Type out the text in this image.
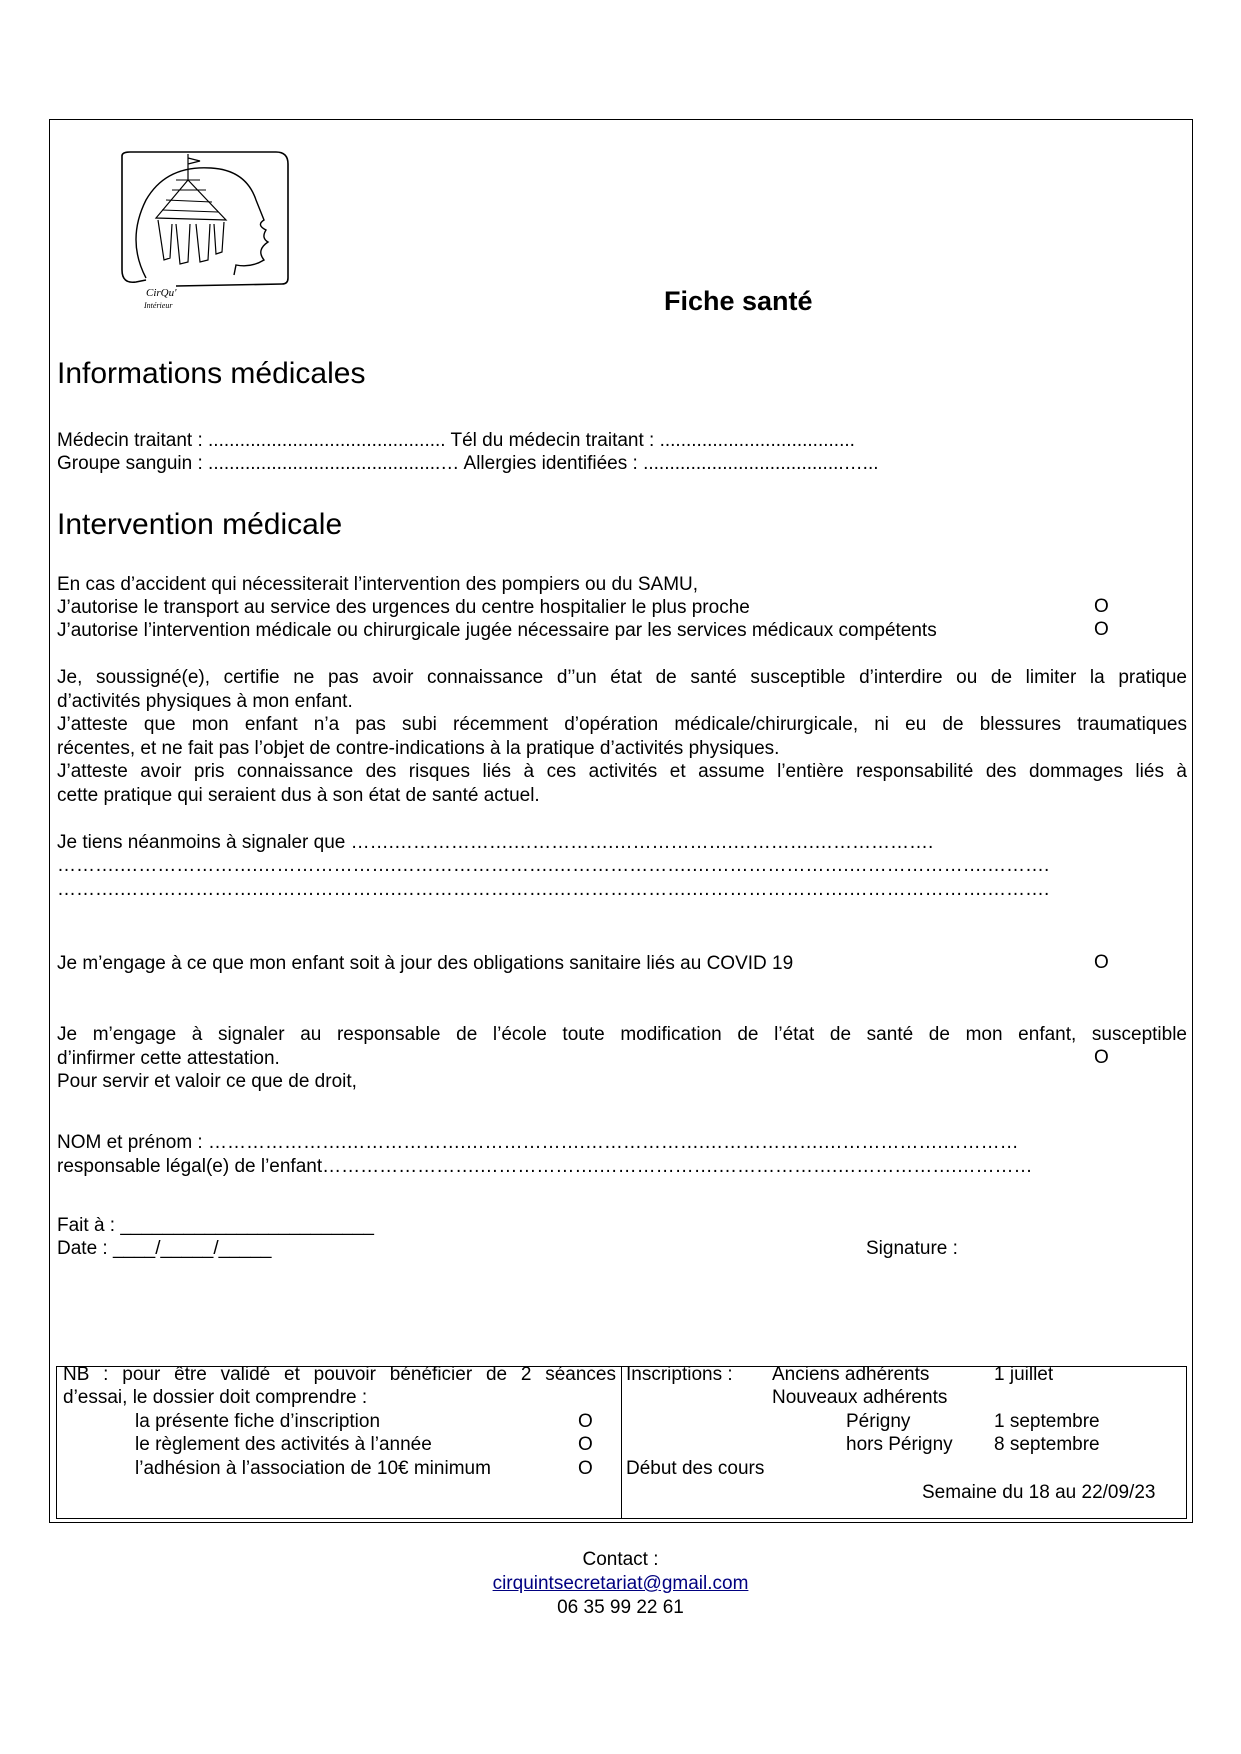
CirQu'
Intérieur	Fiche santé
Informations médicales
Médecin traitant : ............................................. Tél du médecin traitant : .....................................
Groupe sanguin : ............................................… Allergies identifiées : ......................................…...
Intervention médicale
En cas d’accident qui nécessiterait l’intervention des pompiers ou du SAMU,
J’autorise le transport au service des urgences du centre hospitalier le plus proche	O
J’autorise l’intervention médicale ou chirurgicale jugée nécessaire par les services médicaux compétents	O
Je, soussigné(e), certifie ne pas avoir connaissance d’’un état de santé susceptible d’interdire ou de limiter la pratique
d’activités physiques à mon enfant.
J’atteste que mon enfant n’a pas subi récemment d’opération médicale/chirurgicale, ni eu de blessures traumatiques
récentes, et ne fait pas l’objet de contre-indications à la pratique d’activités physiques.
J’atteste avoir pris connaissance des risques liés à ces activités et assume l’entière responsabilité des dommages liés à
cette pratique qui seraient dus à son état de santé actuel.
Je tiens néanmoins à signaler que …….……………….…………….……………….………….……………….
……….………………….………………….…………………….………………….…………………….………………….……….
……….………………….………………….…………………….………………….…………………….………………….……….
Je m’engage à ce que mon enfant soit à jour des obligations sanitaire liés au COVID 19	O
Je m’engage à signaler au responsable de l’école toute modification de l’état de santé de mon enfant, susceptible
d’infirmer cette attestation.	O
Pour servir et valoir ce que de droit,
NOM et prénom : ………………….……………….……………….……………….……………….……………….…………
responsable légal(e) de l’enfant…………………….……………….……………….……………….……………….…………
Fait à : ________________________
Date : ____/_____/_____	Signature :
NB : pour être validé et pouvoir bénéficier de 2 séances
d’essai, le dossier doit comprendre :
la présente fiche d’inscription	O
le règlement des activités à l’année	O
l’adhésion à l’association de 10€ minimum	O
Inscriptions : Anciens adhérents	1 juillet
Nouveaux adhérents
Périgny	1 septembre
hors Périgny 8 septembre
Début des cours
Semaine du 18 au 22/09/23
Contact :
cirquintsecretariat@gmail.com
06 35 99 22 61
